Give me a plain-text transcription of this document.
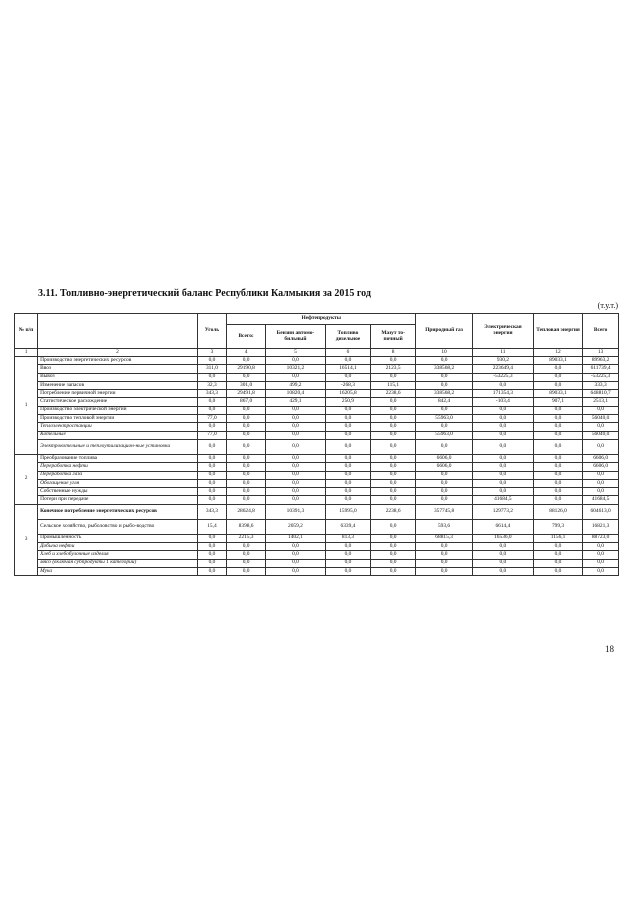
3.11. Топливно-энергетический баланс Республики Калмыкия за 2015 год
(т.у.т.)
№ п/п		Уголь	Нефтепродукты				Природный газ	Электрическая энергия	Тепловая энергия	Всего
			Всего:	Бензин автомо-бильный	Топливо дизельное	Мазут то-почный				
1	2	3	4	5	6	8	10	11	12	13
1	Производство энергетических ресурсов	0,0	0,0	0,0	0,0	0,0	0,0	930,2	89033,1	89963,2
	Ввоз	311,0	29190,8	10321,2	16514,1	2123,5	338568,2	223649,4	0,0	611739,4
	Вывоз	0,0	0,0	0,0	0,0	0,0	0,0	-53225,3	0,0	-53225,3
	Изменение запасов	32,3	301,0	499,2	-268,3	115,1	0,0	0,0	0,0	333,3
	Потребление первичной энергии	343,3	29491,8	10820,4	16205,8	2238,6	338568,2	171354,3	89033,1	648810,7
	Статистическое расхождение	0,0	867,0	429,1	250,9	0,0	842,4	-103,4	907,1	2513,1
	Производство электрической энергии	0,0	0,0	0,0	0,0	0,0	0,0	0,0	0,0	0,0
	Производство тепловой энергии	77,0	0,0	0,0	0,0	0,0	55963,0	0,0	0,0	56040,0
	Теплоэлектростанции	0,0	0,0	0,0	0,0	0,0	0,0	0,0	0,0	0,0
	Котельные	77,0	0,0	0,0	0,0	0,0	55963,0	0,0	0,0	56040,0
	Электрокотельные и теплоутилизацион-ные установки	0,0	0,0	0,0	0,0	0,0	0,0	0,0	0,0	0,0
2	Преобразование топлива	0,0	0,0	0,0	0,0	0,0	6606,0	0,0	0,0	6606,0
	Переработка нефти	0,0	0,0	0,0	0,0	0,0	6606,0	0,0	0,0	6606,0
	Переработка газа	0,0	0,0	0,0	0,0	0,0	0,0	0,0	0,0	0,0
	Обогащение угля	0,0	0,0	0,0	0,0	0,0	0,0	0,0	0,0	0,0
	Собственные нужды	0,0	0,0	0,0	0,0	0,0	0,0	0,0	0,0	0,0
	Потери при передаче	0,0	0,0	0,0	0,0	0,0	0,0	41684,5	0,0	41684,5
3	Конечное потребление энергетических ресурсов	343,3	28624,8	10391,3	15995,0	2238,6	357745,8	129773,2	88126,0	604613,0
	Сельское хозяйство, рыболовство и рыбо-водство	15,4	8398,6	2059,2	6339,4	0,0	593,6	6614,4	799,3	16821,3
	Промышленность	0,0	2215,3	1402,1	813,3	0,0	68815,3	16536,0	1156,1	88723,0
	Добыча нефти	0,0	0,0	0,0	0,0	0,0	0,0	0,0	0,0	0,0
	Хлеб и хлебобулочные изделия	0,0	0,0	0,0	0,0	0,0	0,0	0,0	0,0	0,0
	мясо (включая субпродукты 1 категории)	0,0	0,0	0,0	0,0	0,0	0,0	0,0	0,0	0,0
	Мука	0,0	0,0	0,0	0,0	0,0	0,0	0,0	0,0	0,0
18
